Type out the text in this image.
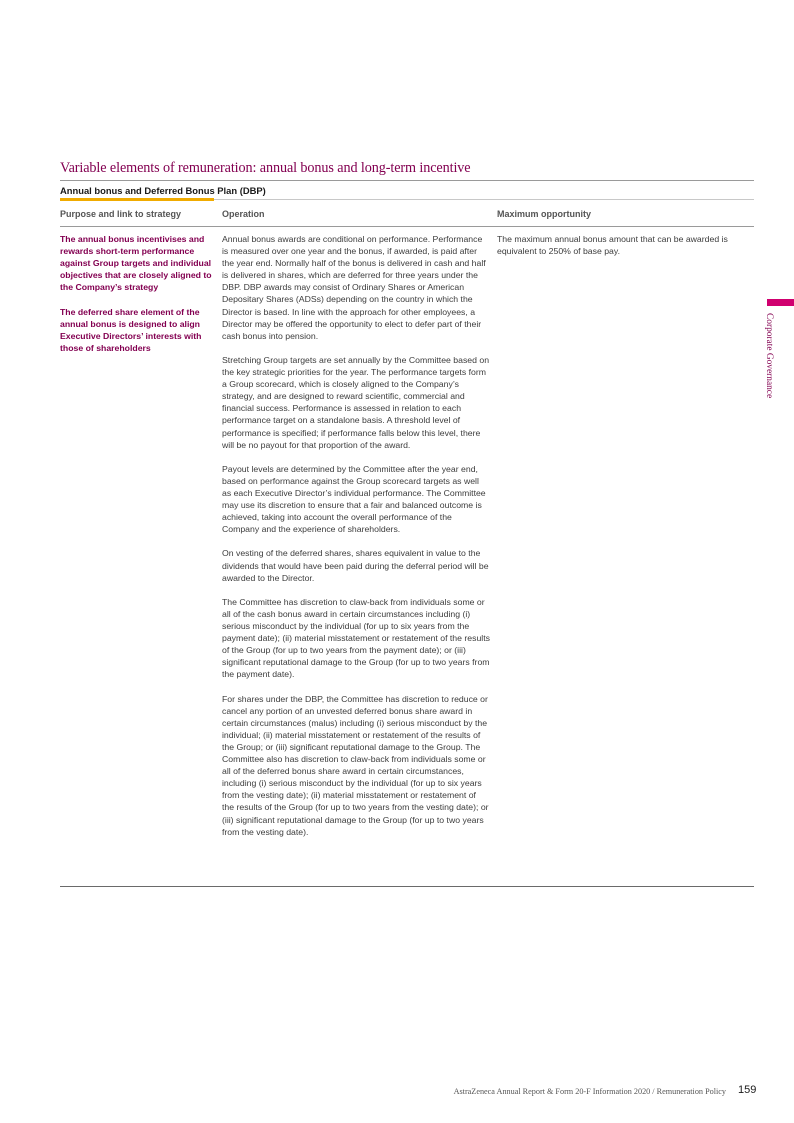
Variable elements of remuneration: annual bonus and long-term incentive
Annual bonus and Deferred Bonus Plan (DBP)
Purpose and link to strategy	Operation	Maximum opportunity

The annual bonus incentivises and rewards short-term performance against Group targets and individual objectives that are closely aligned to the Company’s strategy

The deferred share element of the annual bonus is designed to align Executive Directors’ interests with those of shareholders

Annual bonus awards are conditional on performance. Performance is measured over one year and the bonus, if awarded, is paid after the year end. Normally half of the bonus is delivered in cash and half is delivered in shares, which are deferred for three years under the DBP. DBP awards may consist of Ordinary Shares or American Depositary Shares (ADSs) depending on the country in which the Director is based. In line with the approach for other employees, a Director may be offered the opportunity to elect to defer part of their cash bonus into pension.

Stretching Group targets are set annually by the Committee based on the key strategic priorities for the year. The performance targets form a Group scorecard, which is closely aligned to the Company’s strategy, and are designed to reward scientific, commercial and financial success. Performance is assessed in relation to each performance target on a standalone basis. A threshold level of performance is specified; if performance falls below this level, there will be no payout for that proportion of the award.

Payout levels are determined by the Committee after the year end, based on performance against the Group scorecard targets as well as each Executive Director’s individual performance. The Committee may use its discretion to ensure that a fair and balanced outcome is achieved, taking into account the overall performance of the Company and the experience of shareholders.

On vesting of the deferred shares, shares equivalent in value to the dividends that would have been paid during the deferral period will be awarded to the Director.

The Committee has discretion to claw-back from individuals some or all of the cash bonus award in certain circumstances including (i) serious misconduct by the individual (for up to six years from the payment date); (ii) material misstatement or restatement of the results of the Group (for up to two years from the payment date); or (iii) significant reputational damage to the Group (for up to two years from the payment date).

For shares under the DBP, the Committee has discretion to reduce or cancel any portion of an unvested deferred bonus share award in certain circumstances (malus) including (i) serious misconduct by the individual; (ii) material misstatement or restatement of the results of the Group; or (iii) significant reputational damage to the Group. The Committee also has discretion to claw-back from individuals some or all of the deferred bonus share award in certain circumstances, including (i) serious misconduct by the individual (for up to six years from the vesting date); (ii) material misstatement or restatement of the results of the Group (for up to two years from the vesting date); or (iii) significant reputational damage to the Group (for up to two years from the vesting date).

The maximum annual bonus amount that can be awarded is equivalent to 250% of base pay.

Corporate Governance
AstraZeneca Annual Report & Form 20-F Information 2020 / Remuneration Policy 159
